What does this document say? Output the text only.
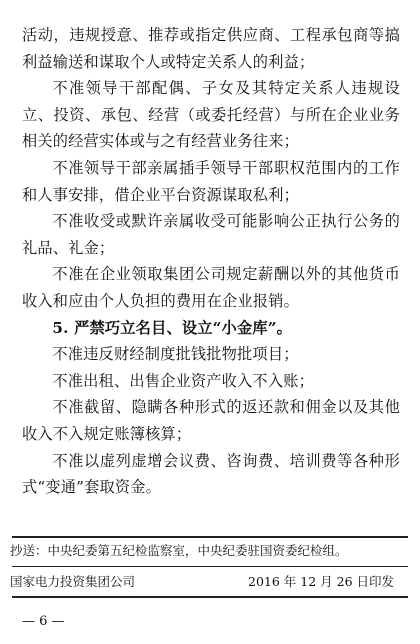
活动，违规授意、推荐或指定供应商、工程承包商等搞利益输送和谋取个人或特定关系人的利益；

不准领导干部配偶、子女及其特定关系人违规设立、投资、承包、经营（或委托经营）与所在企业业务相关的经营实体或与之有经营业务往来；

不准领导干部亲属插手领导干部职权范围内的工作和人事安排，借企业平台资源谋取私利；

不准收受或默许亲属收受可能影响公正执行公务的礼品、礼金；

不准在企业领取集团公司规定薪酬以外的其他货币收入和应由个人负担的费用在企业报销。

5. 严禁巧立名目、设立“小金库”。

不准违反财经制度批钱批物批项目；

不准出租、出售企业资产收入不入账；

不准截留、隐瞒各种形式的返还款和佣金以及其他收入不入规定账簿核算；

不准以虚列虚增会议费、咨询费、培训费等各种形式“变通”套取资金。

抄送：中央纪委第五纪检监察室，中央纪委驻国资委纪检组。
国家电力投资集团公司	2016 年 12 月 26 日印发
— 6 —
